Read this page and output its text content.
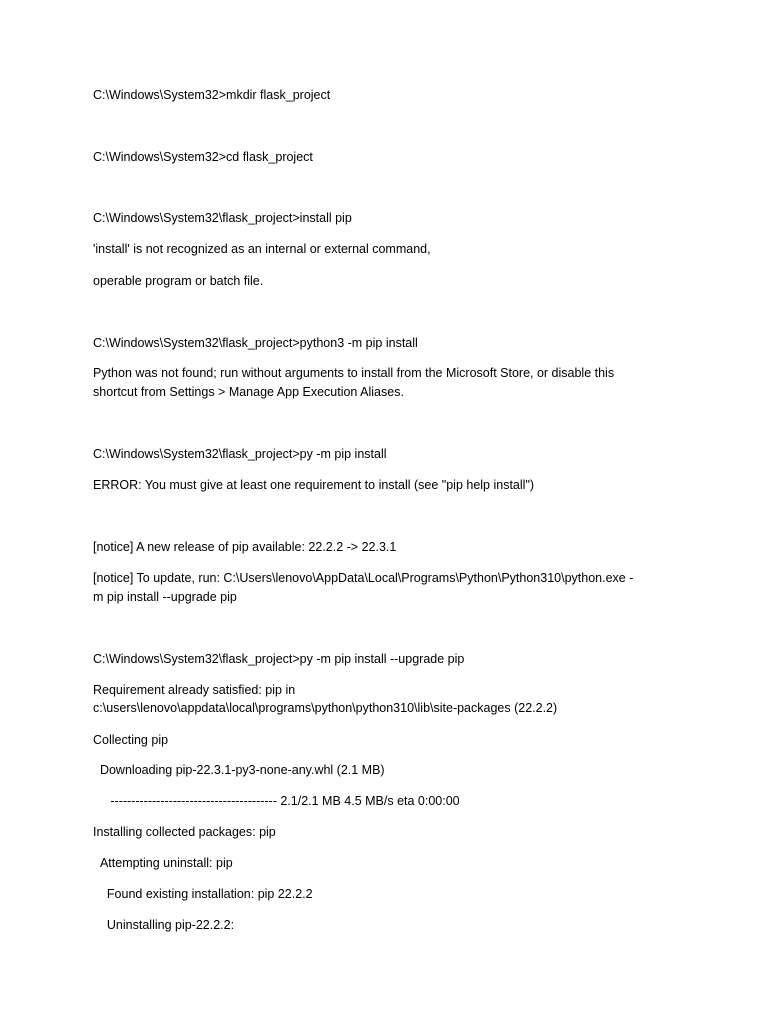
C:\Windows\System32>mkdir flask_project

C:\Windows\System32>cd flask_project

C:\Windows\System32\flask_project>install pip

'install' is not recognized as an internal or external command,

operable program or batch file.

C:\Windows\System32\flask_project>python3 -m pip install

Python was not found; run without arguments to install from the Microsoft Store, or disable this

shortcut from Settings > Manage App Execution Aliases.

C:\Windows\System32\flask_project>py -m pip install

ERROR: You must give at least one requirement to install (see "pip help install")

[notice] A new release of pip available: 22.2.2 -> 22.3.1

[notice] To update, run: C:\Users\lenovo\AppData\Local\Programs\Python\Python310\python.exe -

m pip install --upgrade pip

C:\Windows\System32\flask_project>py -m pip install --upgrade pip

Requirement already satisfied: pip in

c:\users\lenovo\appdata\local\programs\python\python310\lib\site-packages (22.2.2)

Collecting pip

Downloading pip-22.3.1-py3-none-any.whl (2.1 MB)

---------------------------------------- 2.1/2.1 MB 4.5 MB/s eta 0:00:00

Installing collected packages: pip

Attempting uninstall: pip

Found existing installation: pip 22.2.2

Uninstalling pip-22.2.2:
